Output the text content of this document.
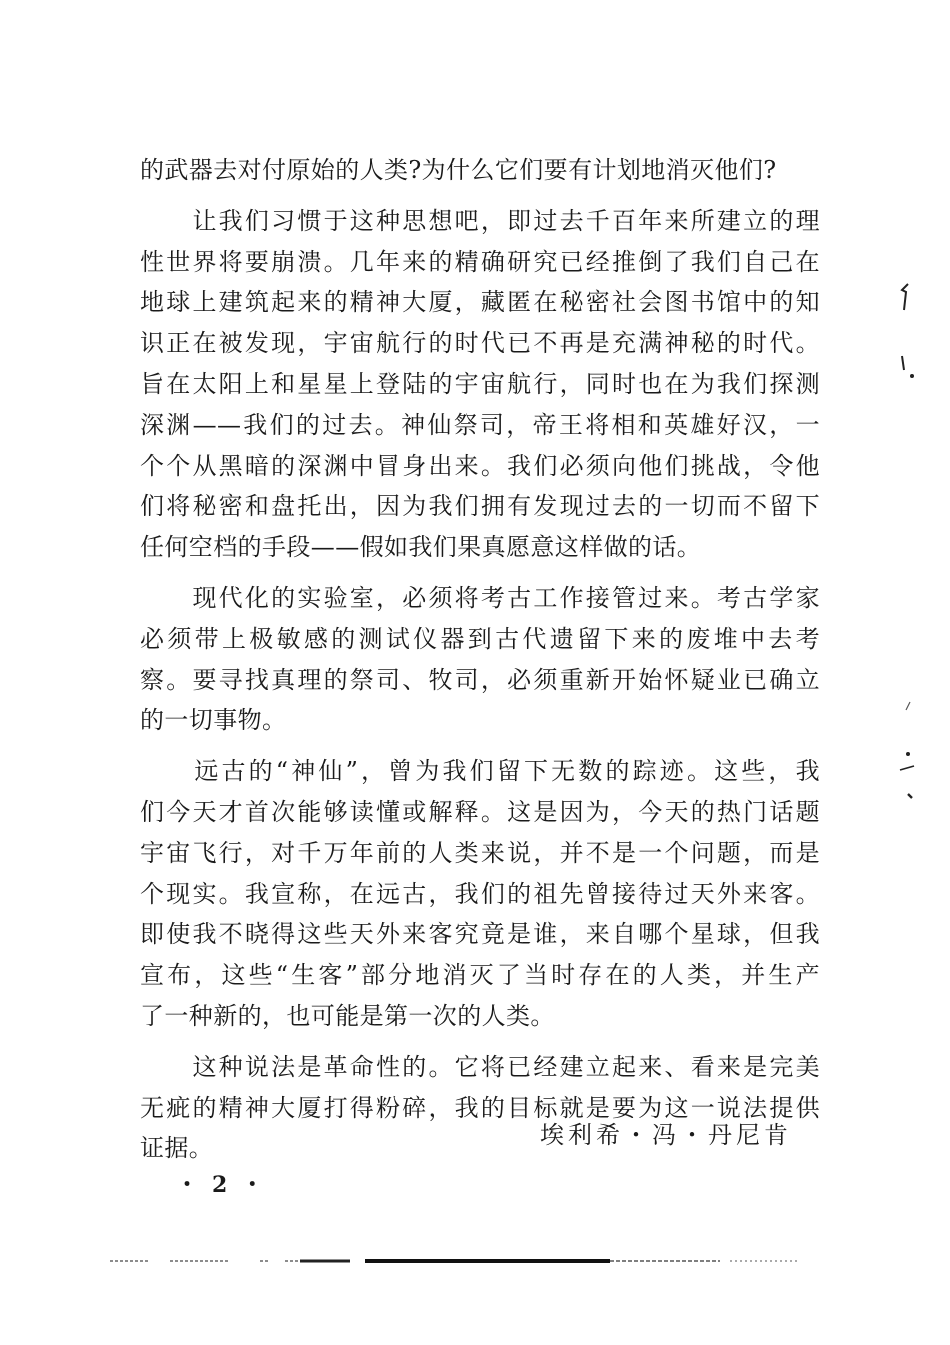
的武器去对付原始的人类?为什么它们要有计划地消灭他们?
　　让我们习惯于这种思想吧，即过去千百年来所建立的理
性世界将要崩溃。几年来的精确研究已经推倒了我们自己在
地球上建筑起来的精神大厦，藏匿在秘密社会图书馆中的知
识正在被发现，宇宙航行的时代已不再是充满神秘的时代。
旨在太阳上和星星上登陆的宇宙航行，同时也在为我们探测
深渊——我们的过去。神仙祭司，帝王将相和英雄好汉，一
个个从黑暗的深渊中冒身出来。我们必须向他们挑战，令他
们将秘密和盘托出，因为我们拥有发现过去的一切而不留下
任何空档的手段——假如我们果真愿意这样做的话。
　　现代化的实验室，必须将考古工作接管过来。考古学家
必须带上极敏感的测试仪器到古代遗留下来的废堆中去考
察。要寻找真理的祭司、牧司，必须重新开始怀疑业已确立
的一切事物。
　　远古的“神仙”，曾为我们留下无数的踪迹。这些，我
们今天才首次能够读懂或解释。这是因为，今天的热门话题
宇宙飞行，对千万年前的人类来说，并不是一个问题，而是
个现实。我宣称，在远古，我们的祖先曾接待过天外来客。
即使我不晓得这些天外来客究竟是谁，来自哪个星球，但我
宣布，这些“生客”部分地消灭了当时存在的人类，并生产
了一种新的，也可能是第一次的人类。
　　这种说法是革命性的。它将已经建立起来、看来是完美
无疵的精神大厦打得粉碎，我的目标就是要为这一说法提供
证据。	埃利希・冯・丹尼肯
・2・
